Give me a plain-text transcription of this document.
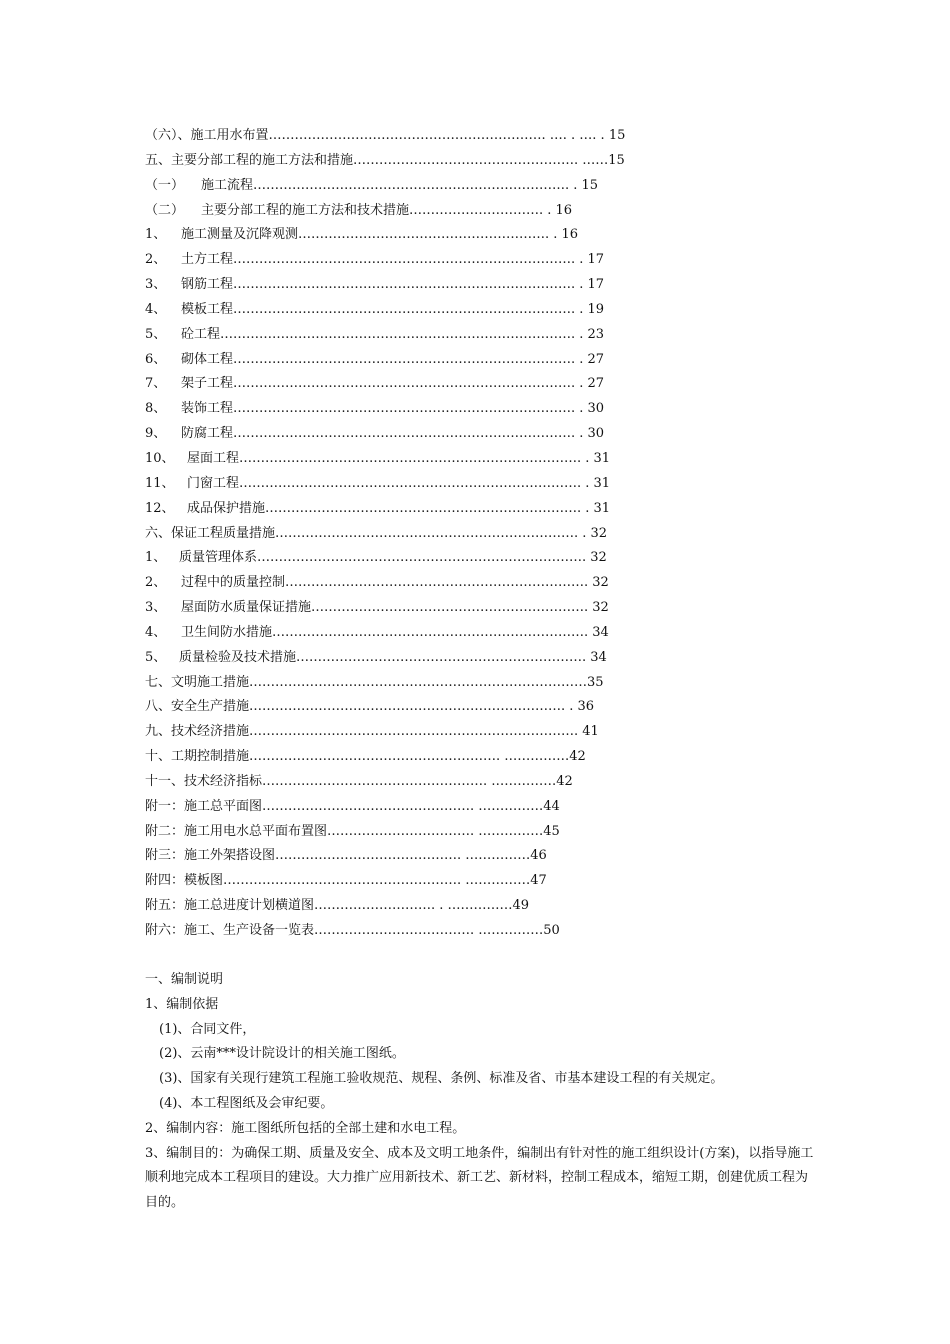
（六）、施工用水布置………………………………………………………. …. . …. . 15
五、主要分部工程的施工方法和措施……………………………………………. ……15
（一） 施工流程………………………………………………………………. . 15
（二） 主要分部工程的施工方法和技术措施…………………………. . 16
1、 施工测量及沉降观测…………………………………………………. . 16
2、 土方工程……………………………………………………………………. . 17
3、 钢筋工程……………………………………………………………………. . 17
4、 模板工程……………………………………………………………………. . 19
5、 砼工程………………………………………………………………………. . 23
6、 砌体工程……………………………………………………………………. . 27
7、 架子工程……………………………………………………………………. . 27
8、 装饰工程……………………………………………………………………. . 30
9、 防腐工程……………………………………………………………………. . 30
10、 屋面工程……………………………………………………………………. . 31
11、 门窗工程……………………………………………………………………. . 31
12、 成品保护措施………………………………………………………………. . 31
六、保证工程质量措施……………………………………………………………. . 32
1、 质量管理体系…………………………………………………………………. 32
2、 过程中的质量控制……………………………………………………………. 32
3、 屋面防水质量保证措施………………………………………………………. 32
4、 卫生间防水措施………………………………………………………………. 34
5、 质量检验及技术措施…………………………………………………………. 34
七、文明施工措施……………………………………………………………………35
八、安全生产措施………………………………………………………………. . 36
九、技术经济措施…………………………………………………………………. 41
十、工期控制措施…………………………………………………. ……………42
十一、技术经济指标……………………………………………. ……………42
附一：施工总平面图…………………………………………. ……………44
附二：施工用电水总平面布置图……………………………. ……………45
附三：施工外架搭设图……………………………………. ……………46
附四：模板图………………………………………………. ……………47
附五：施工总进度计划横道图………………………. . ……………49
附六：施工、生产设备一览表………………………………. ……………50

一、编制说明

1、编制依据

(1)、合同文件，

(2)、云南***设计院设计的相关施工图纸。

(3)、国家有关现行建筑工程施工验收规范、规程、条例、标准及省、市基本建设工程的有关规定。

(4)、本工程图纸及会审纪要。

2、编制内容：施工图纸所包括的全部土建和水电工程。

3、编制目的：为确保工期、质量及安全、成本及文明工地条件，编制出有针对性的施工组织设计(方案)，以指导施工顺利地完成本工程项目的建设。大力推广应用新技术、新工艺、新材料，控制工程成本，缩短工期，创建优质工程为目的。
